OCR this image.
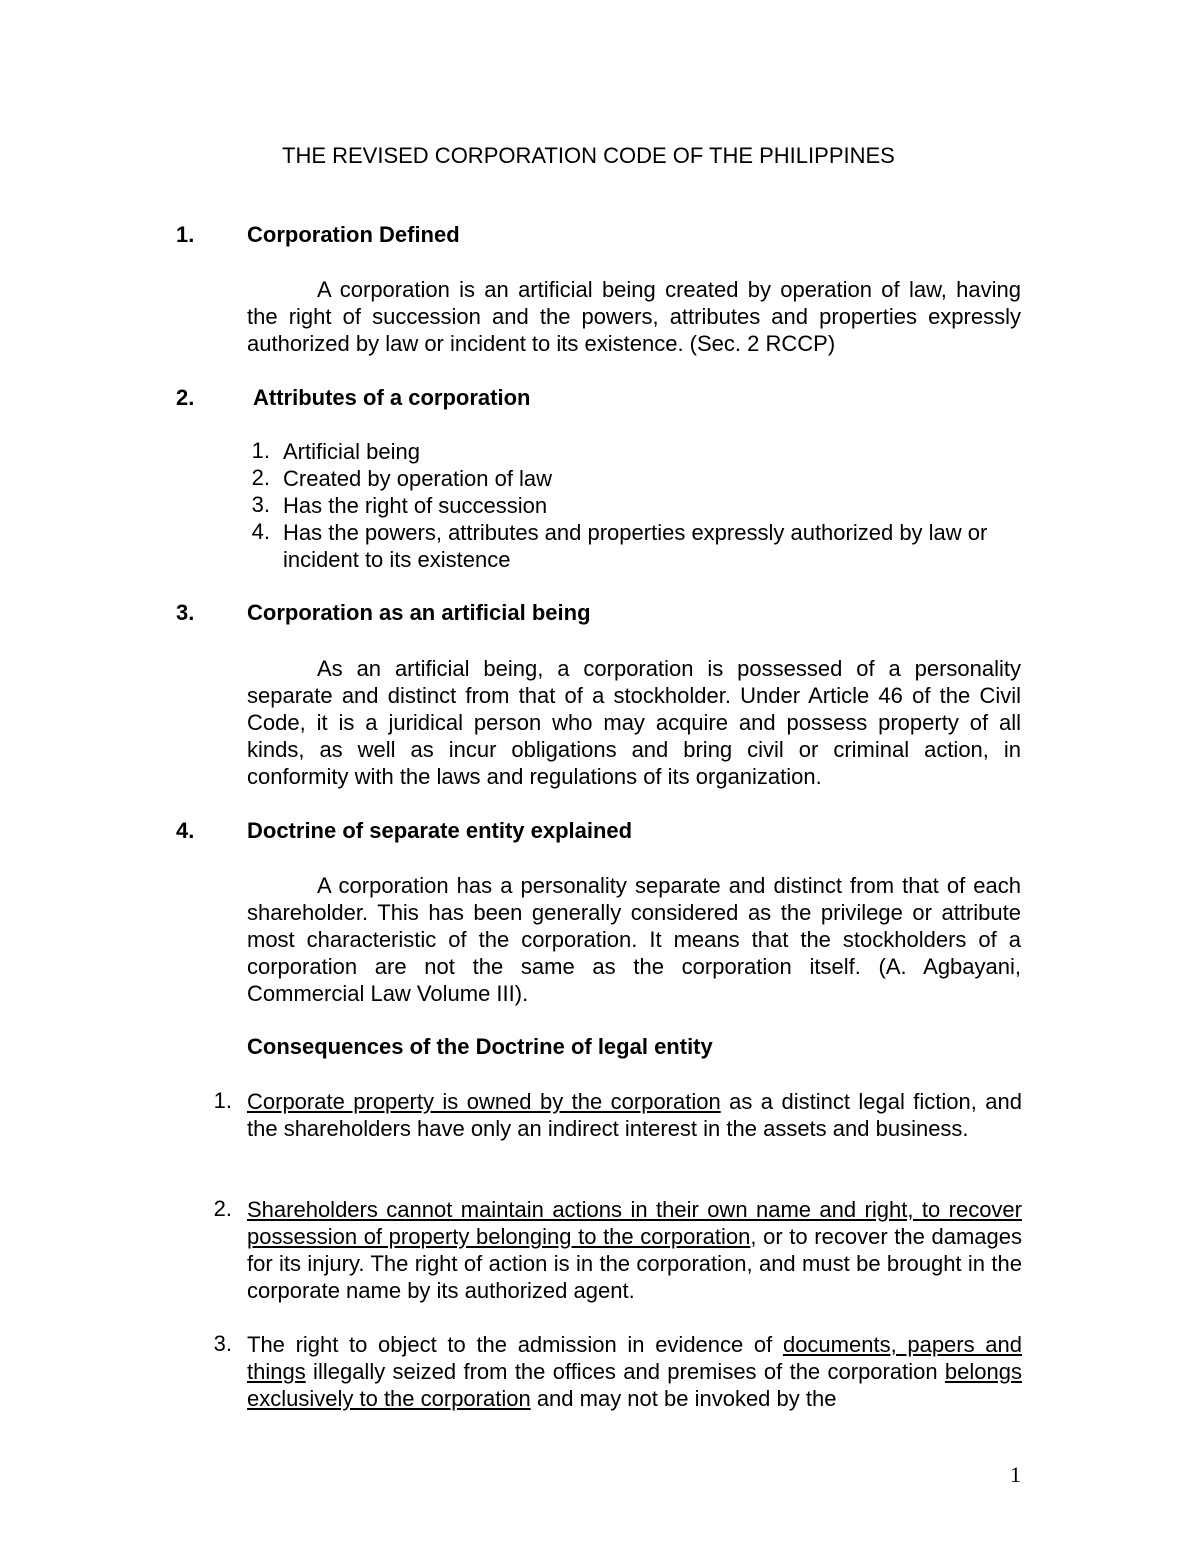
THE REVISED CORPORATION CODE OF THE PHILIPPINES
1. Corporation Defined
A corporation is an artificial being created by operation of law, having the right of succession and the powers, attributes and properties expressly authorized by law or incident to its existence. (Sec. 2 RCCP)
2.	Attributes of a corporation
1. Artificial being
2. Created by operation of law
3. Has the right of succession
4. Has the powers, attributes and properties expressly authorized by law or incident to its existence
3. Corporation as an artificial being
As an artificial being, a corporation is possessed of a personality separate and distinct from that of a stockholder. Under Article 46 of the Civil Code, it is a juridical person who may acquire and possess property of all kinds, as well as incur obligations and bring civil or criminal action, in conformity with the laws and regulations of its organization.
4. Doctrine of separate entity explained
A corporation has a personality separate and distinct from that of each shareholder. This has been generally considered as the privilege or attribute most characteristic of the corporation. It means that the stockholders of a corporation are not the same as the corporation itself. (A. Agbayani, Commercial Law Volume III).
Consequences of the Doctrine of legal entity
1. Corporate property is owned by the corporation as a distinct legal fiction, and the shareholders have only an indirect interest in the assets and business.
2. Shareholders cannot maintain actions in their own name and right, to recover possession of property belonging to the corporation, or to recover the damages for its injury. The right of action is in the corporation, and must be brought in the corporate name by its authorized agent.
3. The right to object to the admission in evidence of documents, papers and things illegally seized from the offices and premises of the corporation belongs exclusively to the corporation and may not be invoked by the
1
